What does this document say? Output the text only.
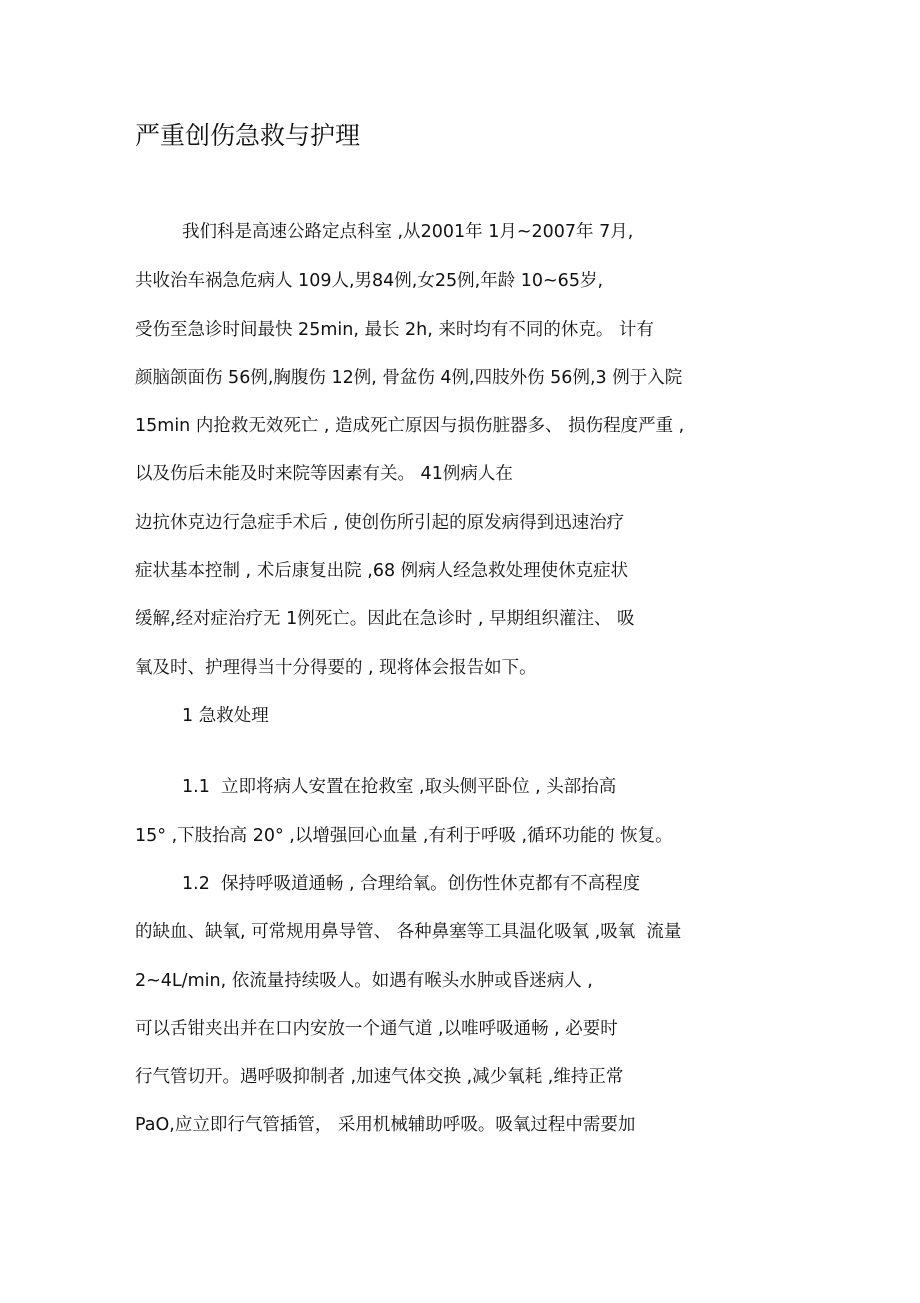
严重创伤急救与护理

我们科是高速公路定点科室 ,从2001年 1月~2007年 7月,

共收治车祸急危病人 109人,男84例,女25例,年龄 10~65岁,

受伤至急诊时间最快 25min, 最长 2h, 来时均有不同的休克。 计有

颜脑颌面伤 56例,胸腹伤 12例, 骨盆伤 4例,四肢外伤 56例,3 例于入院

15min 内抢救无效死亡 , 造成死亡原因与损伤脏器多、 损伤程度严重 ,

以及伤后未能及时来院等因素有关。 41例病人在

边抗休克边行急症手术后 , 使创伤所引起的原发病得到迅速治疗

症状基本控制 , 术后康复出院 ,68 例病人经急救处理使休克症状

缓解,经对症治疗无 1例死亡。因此在急诊时 , 早期组织灌注、 吸

氧及时、护理得当十分得要的 , 现将体会报告如下。

1 急救处理

1.1  立即将病人安置在抢救室 ,取头侧平卧位 , 头部抬高

15° ,下肢抬高 20° ,以增强回心血量 ,有利于呼吸 ,循环功能的 恢复。

1.2  保持呼吸道通畅 , 合理给氧。创伤性休克都有不高程度

的缺血、缺氧, 可常规用鼻导管、 各种鼻塞等工具温化吸氧 ,吸氧  流量

2~4L/min, 依流量持续吸人。如遇有喉头水肿或昏迷病人 ,

可以舌钳夹出并在口内安放一个通气道 ,以唯呼吸通畅 , 必要时

行气管切开。遇呼吸抑制者 ,加速气体交换 ,减少氧耗 ,维持正常

PaO,应立即行气管插管， 采用机械辅助呼吸。吸氧过程中需要加
